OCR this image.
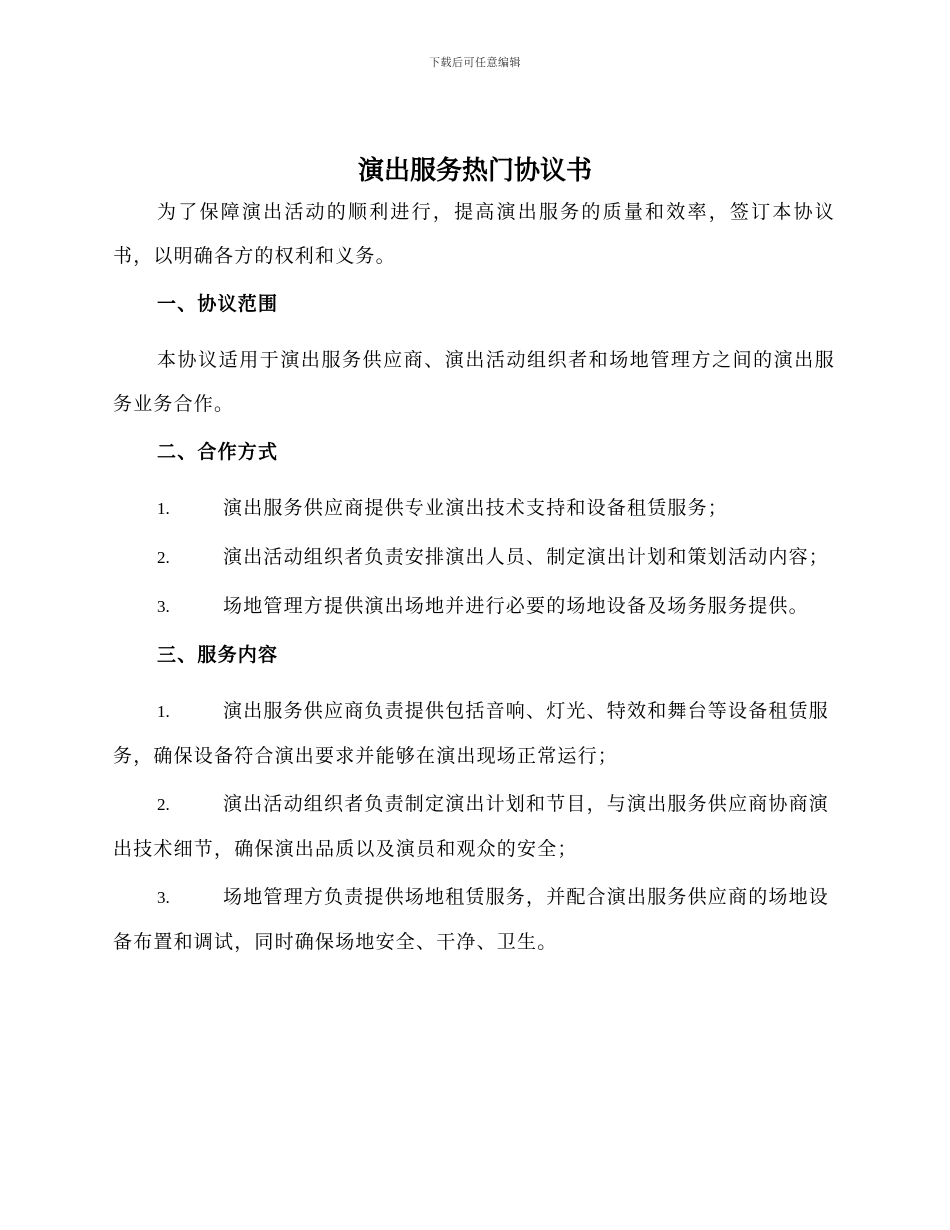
下载后可任意编辑
演出服务热门协议书

为了保障演出活动的顺利进行，提高演出服务的质量和效率，签订本协议书，以明确各方的权利和义务。

一、协议范围

本协议适用于演出服务供应商、演出活动组织者和场地管理方之间的演出服务业务合作。

二、合作方式

1.	演出服务供应商提供专业演出技术支持和设备租赁服务；

2.	演出活动组织者负责安排演出人员、制定演出计划和策划活动内容；

3.	场地管理方提供演出场地并进行必要的场地设备及场务服务提供。

三、服务内容

1.	演出服务供应商负责提供包括音响、灯光、特效和舞台等设备租赁服务，确保设备符合演出要求并能够在演出现场正常运行；

2.	演出活动组织者负责制定演出计划和节目，与演出服务供应商协商演出技术细节，确保演出品质以及演员和观众的安全；

3.	场地管理方负责提供场地租赁服务，并配合演出服务供应商的场地设备布置和调试，同时确保场地安全、干净、卫生。
